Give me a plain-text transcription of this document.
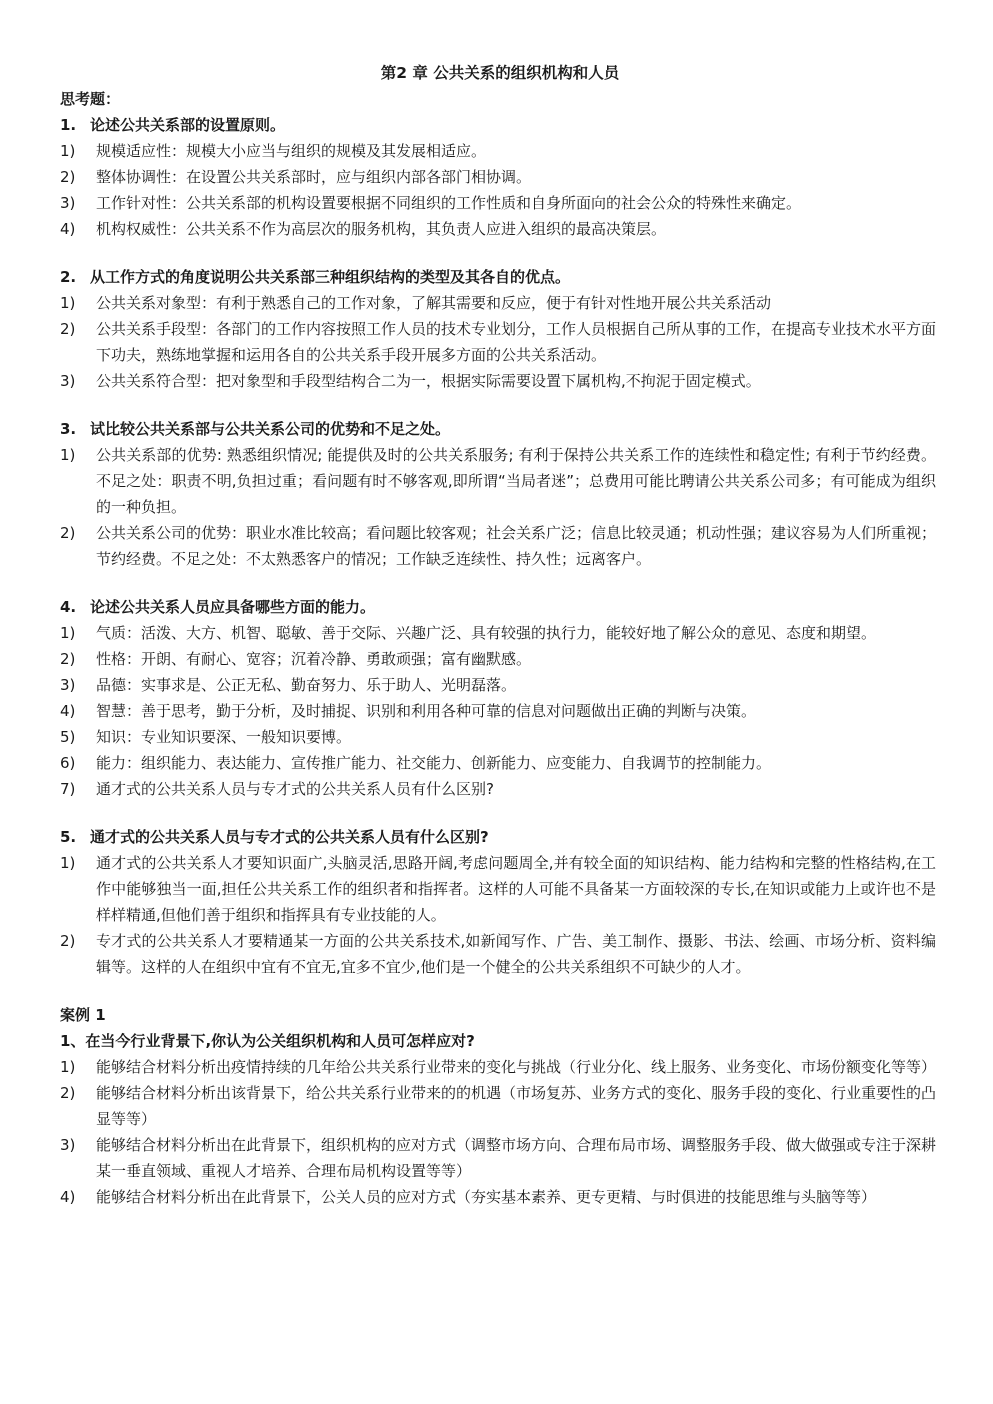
第2 章 公共关系的组织机构和人员

思考题：

1. 论述公共关系部的设置原则。

1)	规模适应性：规模大小应当与组织的规模及其发展相适应。
2)	整体协调性：在设置公共关系部时，应与组织内部各部门相协调。
3)	工作针对性：公共关系部的机构设置要根据不同组织的工作性质和自身所面向的社会公众的特殊性来确定。
4)	机构权威性：公共关系不作为高层次的服务机构，其负责人应进入组织的最高决策层。

2. 从工作方式的角度说明公共关系部三种组织结构的类型及其各自的优点。

1)	公共关系对象型：有利于熟悉自己的工作对象，了解其需要和反应，便于有针对性地开展公共关系活动
2)	公共关系手段型：各部门的工作内容按照工作人员的技术专业划分，工作人员根据自己所从事的工作，在提高专业技术水平方面下功夫，熟练地掌握和运用各自的公共关系手段开展多方面的公共关系活动。
3)	公共关系符合型：把对象型和手段型结构合二为一，根据实际需要设置下属机构,不拘泥于固定模式。

3. 试比较公共关系部与公共关系公司的优势和不足之处。

1)	公共关系部的优势: 熟悉组织情况; 能提供及时的公共关系服务; 有利于保持公共关系工作的连续性和稳定性; 有利于节约经费。不足之处：职责不明,负担过重；看问题有时不够客观,即所谓“当局者迷”；总费用可能比聘请公共关系公司多；有可能成为组织的一种负担。
2)	公共关系公司的优势：职业水准比较高；看问题比较客观；社会关系广泛；信息比较灵通；机动性强；建议容易为人们所重视；节约经费。不足之处：不太熟悉客户的情况；工作缺乏连续性、持久性；远离客户。

4. 论述公共关系人员应具备哪些方面的能力。

1)	气质：活泼、大方、机智、聪敏、善于交际、兴趣广泛、具有较强的执行力，能较好地了解公众的意见、态度和期望。
2)	性格：开朗、有耐心、宽容；沉着冷静、勇敢顽强；富有幽默感。
3)	品德：实事求是、公正无私、勤奋努力、乐于助人、光明磊落。
4)	智慧：善于思考，勤于分析，及时捕捉、识别和利用各种可靠的信息对问题做出正确的判断与决策。
5)	知识：专业知识要深、一般知识要博。
6)	能力：组织能力、表达能力、宣传推广能力、社交能力、创新能力、应变能力、自我调节的控制能力。
7)	通才式的公共关系人员与专才式的公共关系人员有什么区别?

5. 通才式的公共关系人员与专才式的公共关系人员有什么区别?

1)	通才式的公共关系人才要知识面广,头脑灵活,思路开阔,考虑问题周全,并有较全面的知识结构、能力结构和完整的性格结构,在工作中能够独当一面,担任公共关系工作的组织者和指挥者。这样的人可能不具备某一方面较深的专长,在知识或能力上或许也不是样样精通,但他们善于组织和指挥具有专业技能的人。
2)	专才式的公共关系人才要精通某一方面的公共关系技术,如新闻写作、广告、美工制作、摄影、书法、绘画、市场分析、资料编辑等。这样的人在组织中宜有不宜无,宜多不宜少,他们是一个健全的公共关系组织不可缺少的人才。

案例 1

1、在当今行业背景下,你认为公关组织机构和人员可怎样应对?

1)	能够结合材料分析出疫情持续的几年给公共关系行业带来的变化与挑战（行业分化、线上服务、业务变化、市场份额变化等等）
2)	能够结合材料分析出该背景下，给公共关系行业带来的的机遇（市场复苏、业务方式的变化、服务手段的变化、行业重要性的凸显等等）
3)	能够结合材料分析出在此背景下，组织机构的应对方式（调整市场方向、合理布局市场、调整服务手段、做大做强或专注于深耕某一垂直领域、重视人才培养、合理布局机构设置等等）
4)	能够结合材料分析出在此背景下，公关人员的应对方式（夯实基本素养、更专更精、与时俱进的技能思维与头脑等等）
